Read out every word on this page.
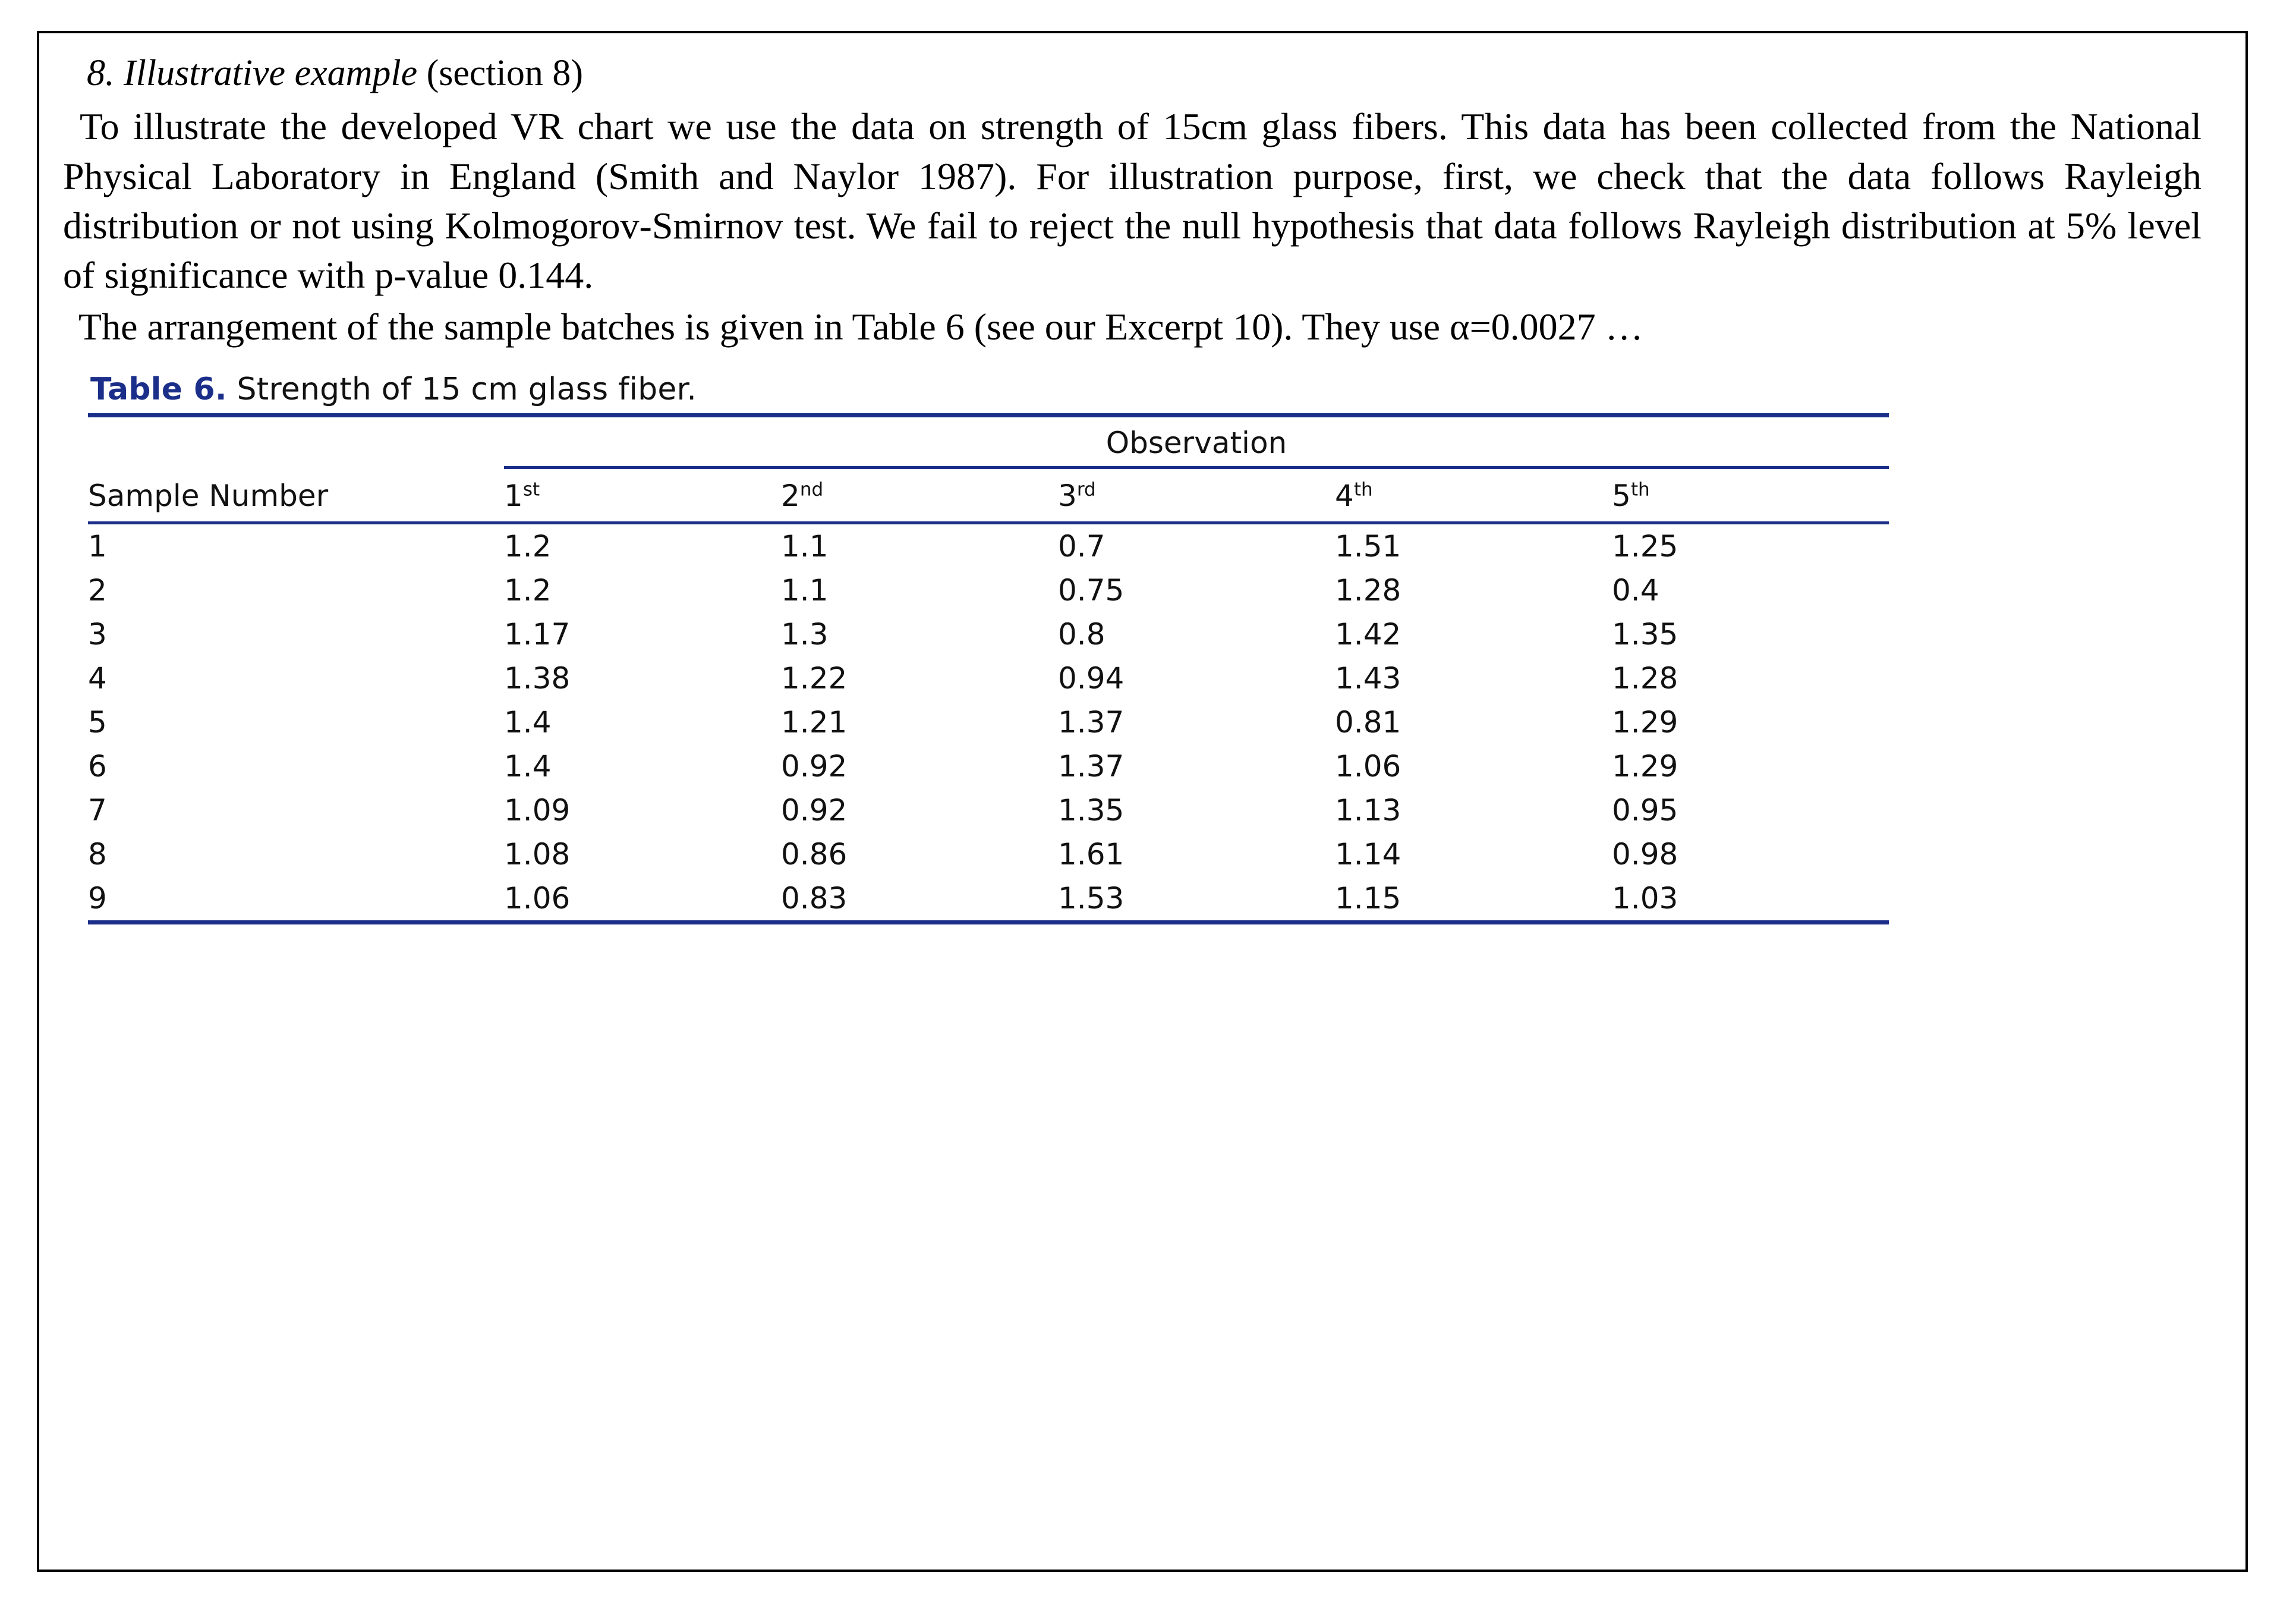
8. Illustrative example (section 8)

To illustrate the developed VR chart we use the data on strength of 15cm glass fibers. This data has been collected from the National Physical Laboratory in England (Smith and Naylor 1987). For illustration purpose, first, we check that the data follows Rayleigh distribution or not using Kolmogorov-Smirnov test. We fail to reject the null hypothesis that data follows Rayleigh distribution at 5% level of significance with p-value 0.144.

The arrangement of the sample batches is given in Table 6 (see our Excerpt 10). They use α=0.0027 …

Table 6. Strength of 15 cm glass fiber.

	Observation				

Sample Number	1st	2nd	3rd	4th	5th

1	1.2	1.1	0.7	1.51	1.25
2	1.2	1.1	0.75	1.28	0.4
3	1.17	1.3	0.8	1.42	1.35
4	1.38	1.22	0.94	1.43	1.28
5	1.4	1.21	1.37	0.81	1.29
6	1.4	0.92	1.37	1.06	1.29
7	1.09	0.92	1.35	1.13	0.95
8	1.08	0.86	1.61	1.14	0.98
9	1.06	0.83	1.53	1.15	1.03
